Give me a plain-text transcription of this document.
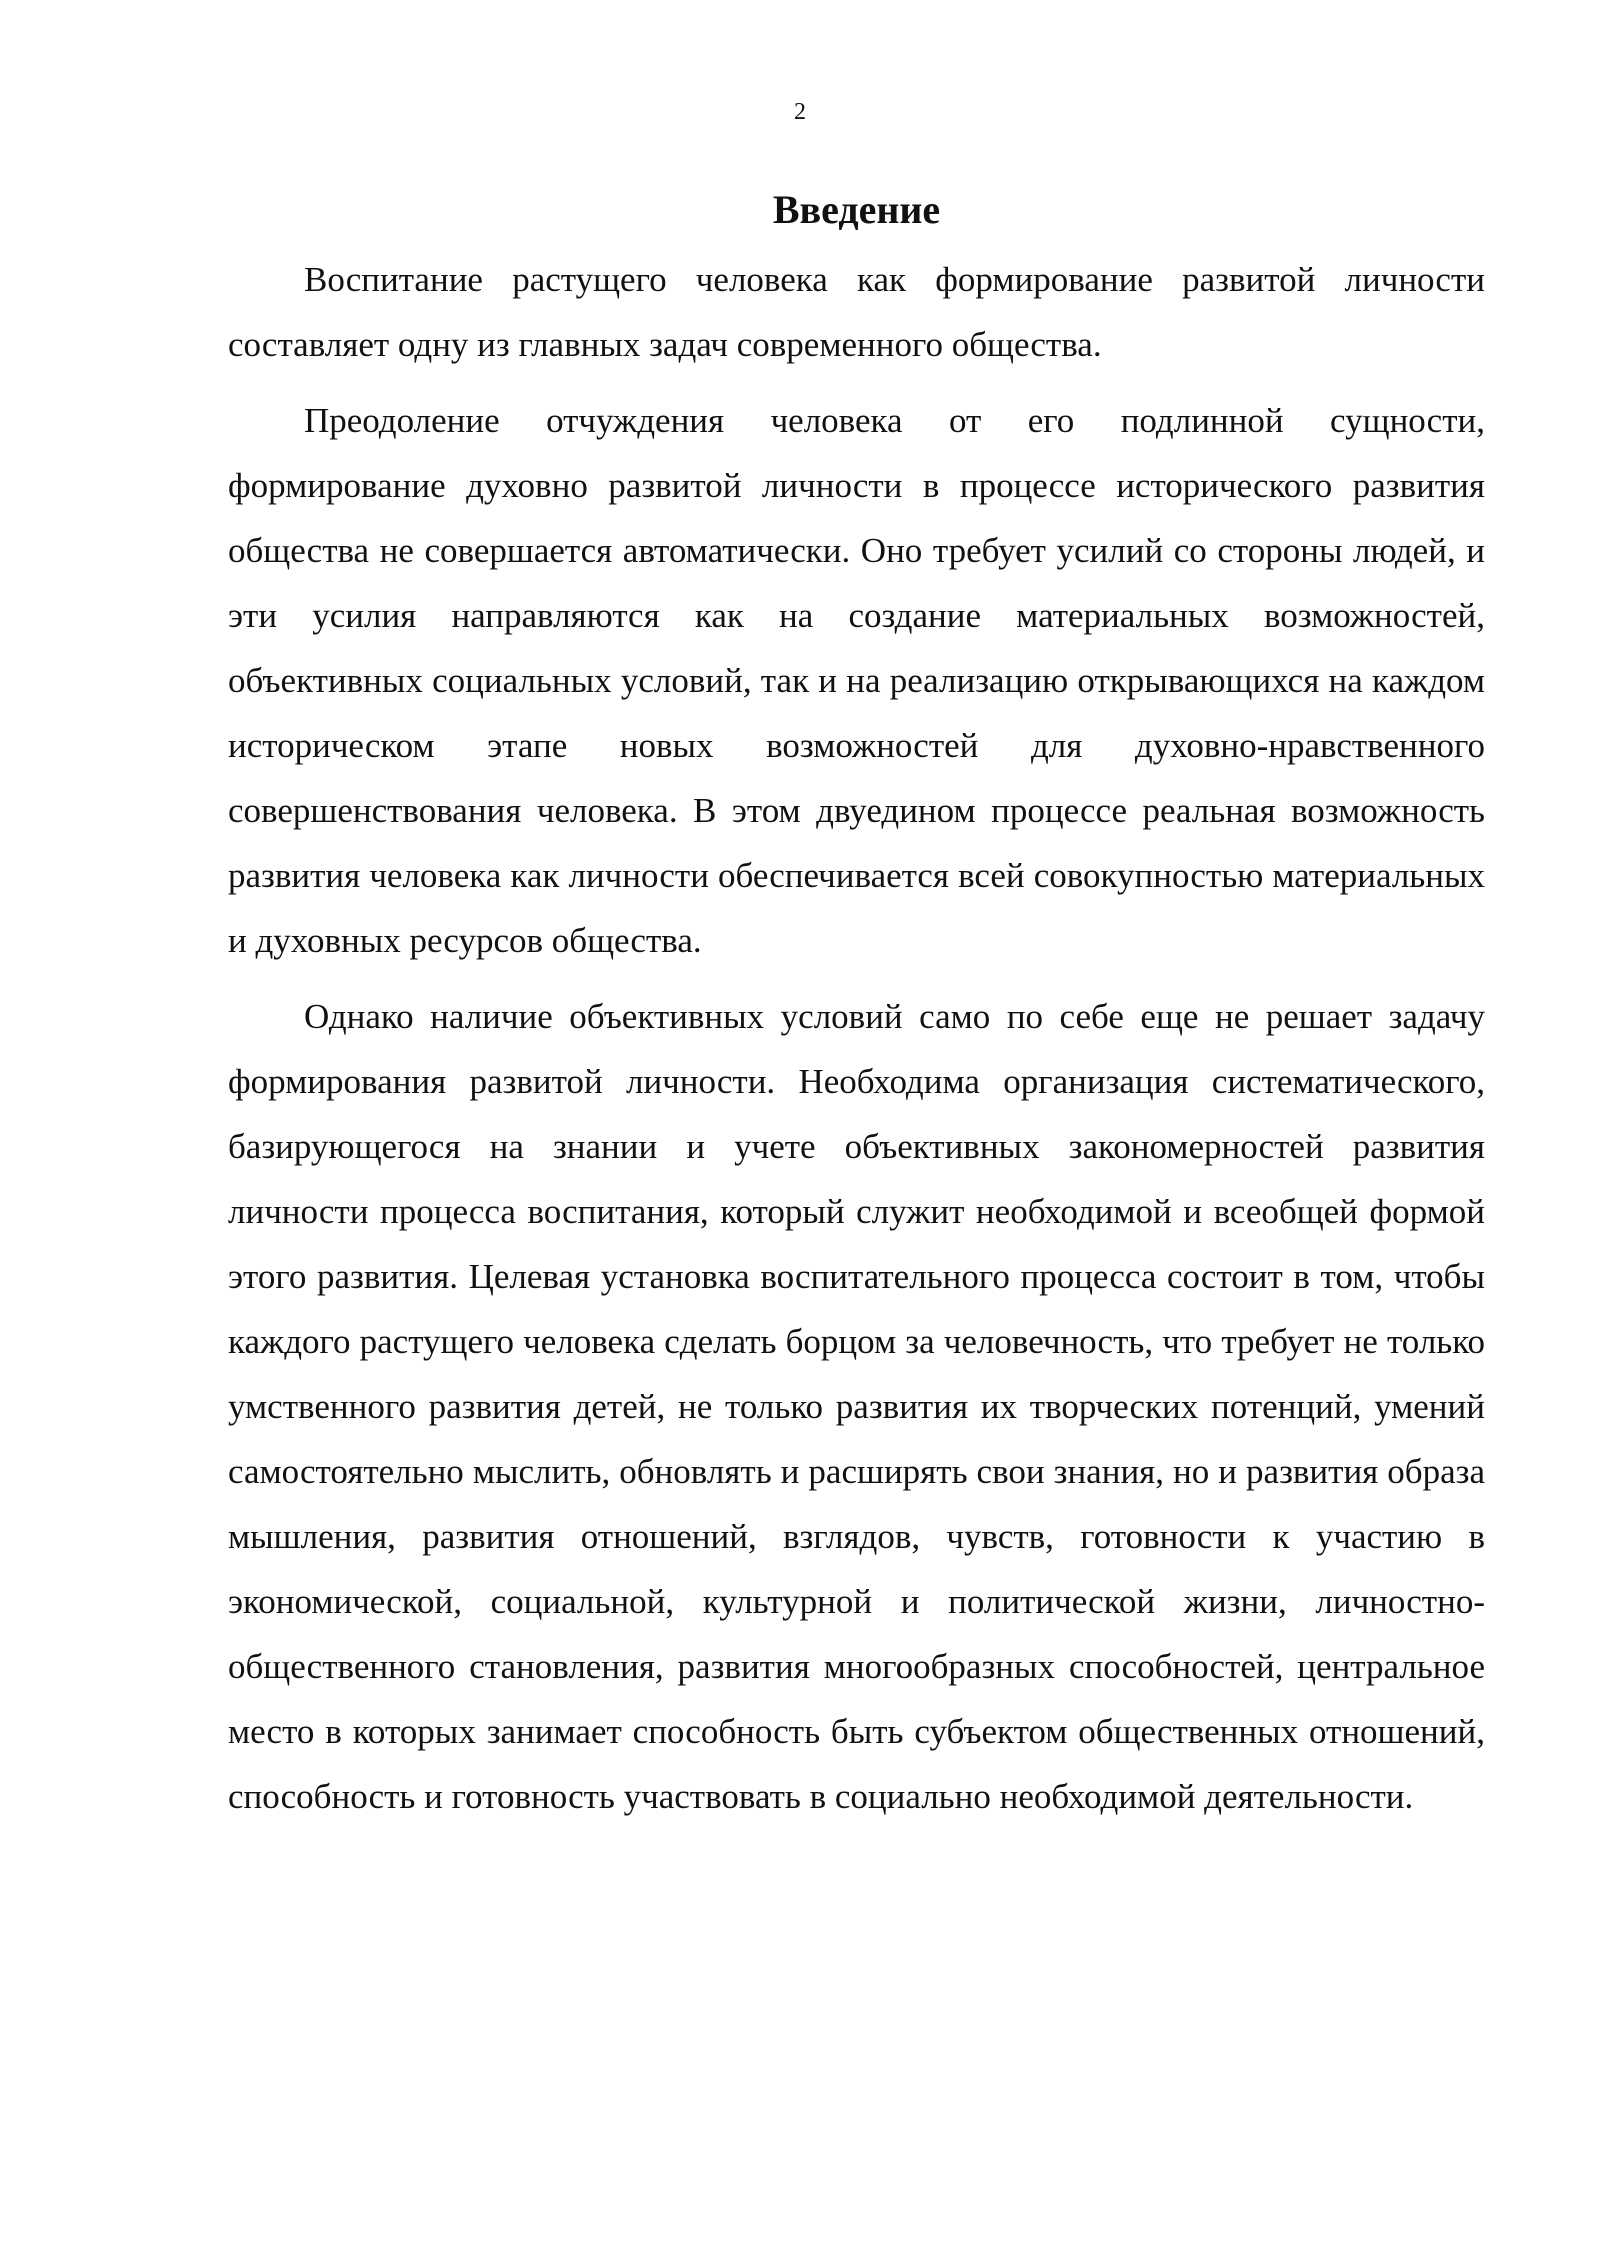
2
Введение

Воспитание растущего человека как формирование развитой личности составляет одну из главных задач современного общества.

Преодоление отчуждения человека от его подлинной сущности, формирование духовно развитой личности в процессе исторического развития общества не совершается автоматически. Оно требует усилий со стороны людей, и эти усилия направляются как на создание материальных возможностей, объективных социальных условий, так и на реализацию открывающихся на каждом историческом этапе новых возможностей для духовно-нравственного совершенствования человека. В этом двуедином процессе реальная возможность развития человека как личности обеспечивается всей совокупностью материальных и духовных ресурсов общества.

Однако наличие объективных условий само по себе еще не решает задачу формирования развитой личности. Необходима организация систематического, базирующегося на знании и учете объективных закономерностей развития личности процесса воспитания, который служит необходимой и всеобщей формой этого развития. Целевая установка воспитательного процесса состоит в том, чтобы каждого растущего человека сделать борцом за человечность, что требует не только умственного развития детей, не только развития их творческих потенций, умений самостоятельно мыслить, обновлять и расширять свои знания, но и развития образа мышления, развития отношений, взглядов, чувств, готовности к участию в экономической, социальной, культурной и политической жизни, личностно-общественного становления, развития многообразных способностей, центральное место в которых занимает способность быть субъектом общественных отношений, способность и готовность участвовать в социально необходимой деятельности.
